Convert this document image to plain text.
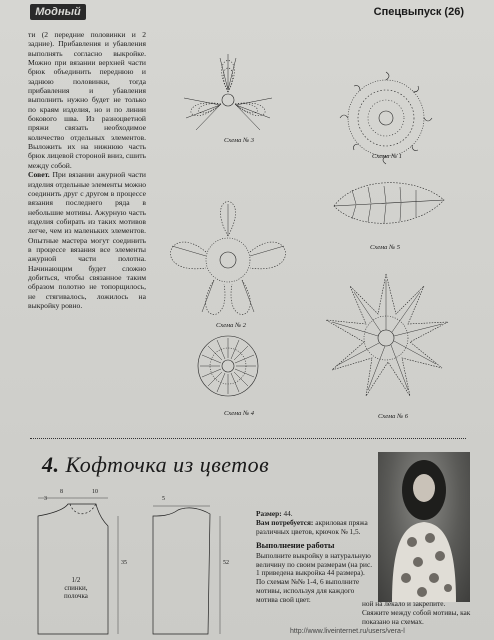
Модный	Спецвыпуск (26)

ти (2 передние половинки и 2 задние). Прибавления и убавления выполнять согласно выкройке. Можно при вязании верхней части брюк объединить переднюю и заднюю половинки, тогда прибавления и убавления выполнить нужно будет не только по краям изделия, но и по линии бокового шва. Из разноцветной пряжи связать необходимое количество отдельных элементов. Выложить их на нижнюю часть брюк лицевой стороной вниз, сшить между собой.

Совет. При вязании ажурной части изделия отдельные элементы можно соединить друг с другом в процессе вязания последнего ряда в небольшие мотивы. Ажурную часть изделия собирать из таких мотивов легче, чем из маленьких элементов. Опытные мастера могут соединить в процессе вязания все элементы ажурной части полотна. Начинающим будет сложно добиться, чтобы связанное таким образом полотно не топорщилось, не стягивалось, ложилось на выкройку ровно.

Схема № 3
Схема № 1
Схема № 5
Схема № 2
Схема № 4	Схема № 6
4. Кофточка из цветов
1/2
спинки,
полочка
8	10
3	5
35	52

Размер: 44.

Вам потребуется: акриловая пряжа различных цветов, крючок № 1,5.

Выполнение работы

Выполните выкройку в натуральную величину по своим размерам (на рис. 1 приведена выкройка 44 размера). По схемам №№ 1-4, 6 выполните мотивы, используя для каждого мотива свой цвет.	ной на лекало и закрепите. Свяжите между собой мотивы, как показано на схемах.

http://www.liveinternet.ru/users/vera-l
